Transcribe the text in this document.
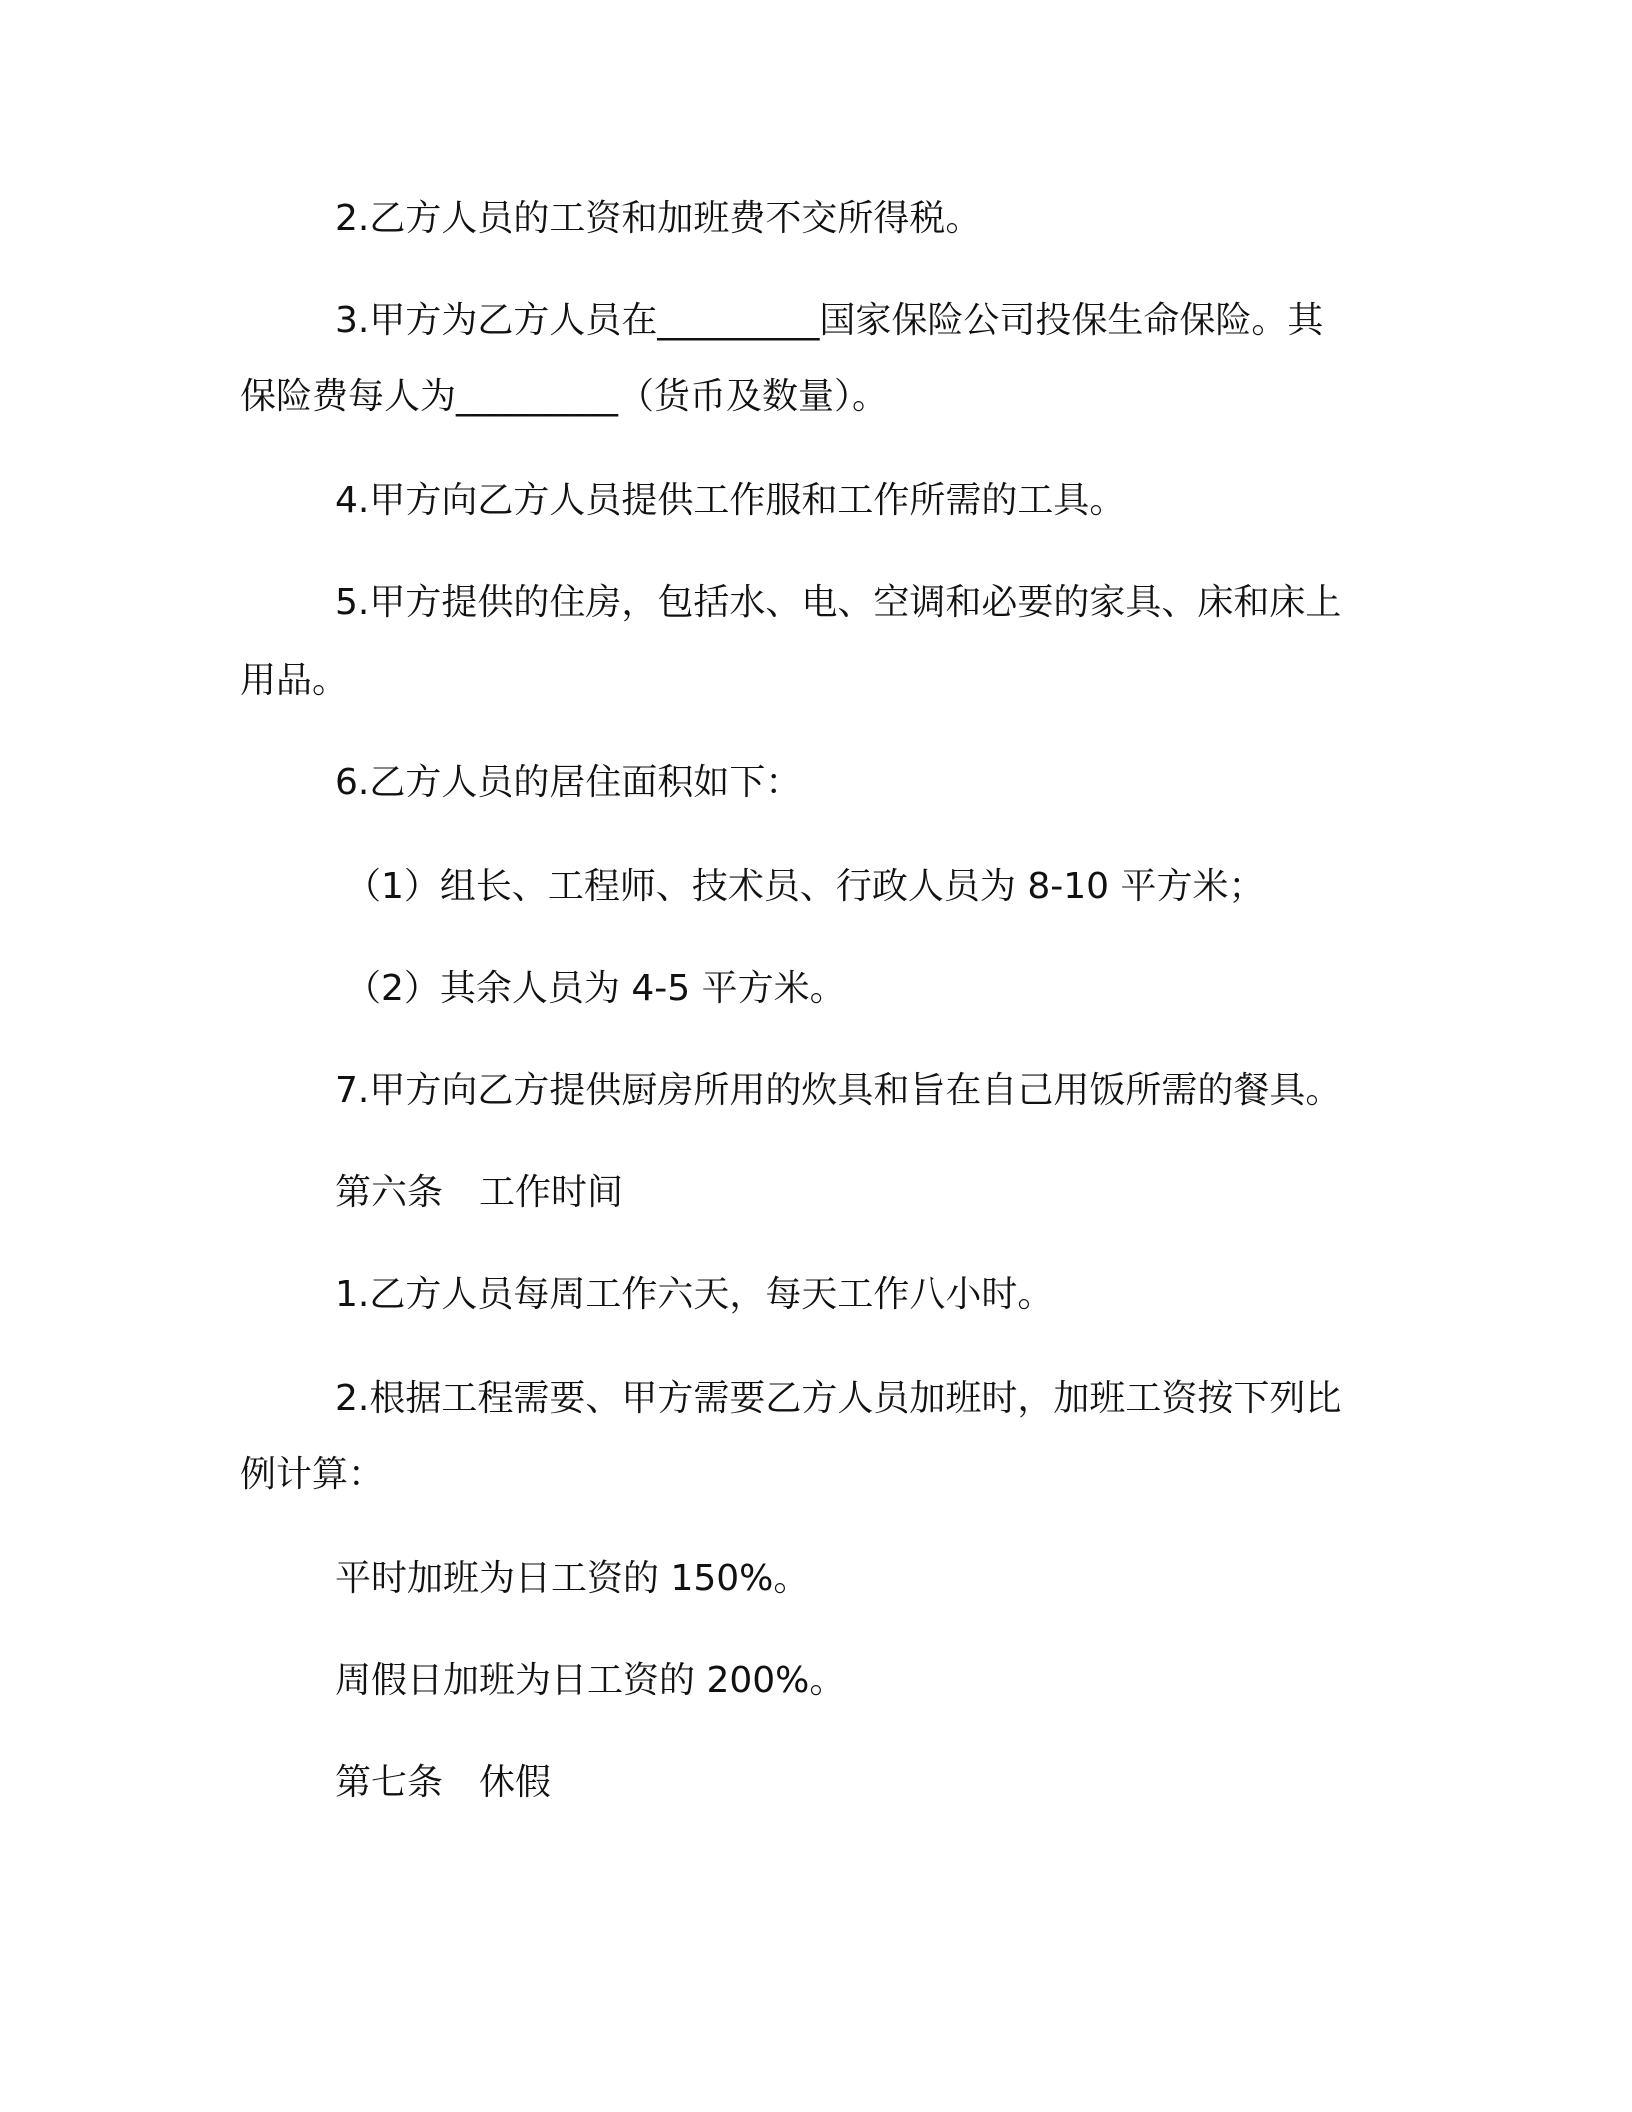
2.乙方人员的工资和加班费不交所得税。
3.甲方为乙方人员在_________国家保险公司投保生命保险。其
保险费每人为_________（货币及数量）。
4.甲方向乙方人员提供工作服和工作所需的工具。
5.甲方提供的住房，包括水、电、空调和必要的家具、床和床上
用品。
6.乙方人员的居住面积如下：
（1）组长、工程师、技术员、行政人员为 8-10 平方米；
（2）其余人员为 4-5 平方米。
7.甲方向乙方提供厨房所用的炊具和旨在自己用饭所需的餐具。
第六条　工作时间
1.乙方人员每周工作六天，每天工作八小时。
2.根据工程需要、甲方需要乙方人员加班时，加班工资按下列比
例计算：
平时加班为日工资的 150%。
周假日加班为日工资的 200%。
第七条　休假
